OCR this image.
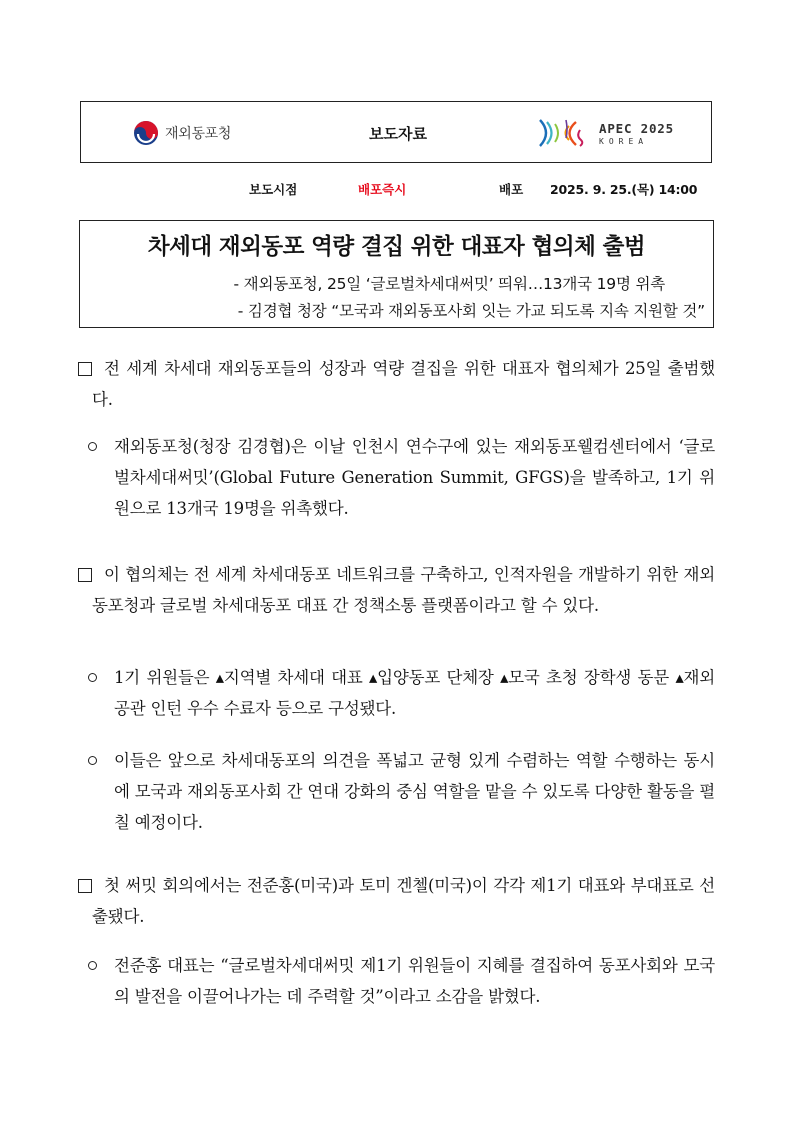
재외동포청	보도자료	APEC 2025
KOREA
보도시점	배포즉시	배포 2025. 9. 25.(목) 14:00
차세대 재외동포 역량 결집 위한 대표자 협의체 출범
- 재외동포청, 25일 ‘글로벌차세대써밋’ 띄워…13개국 19명 위촉
- 김경협 청장 “모국과 재외동포사회 잇는 가교 되도록 지속 지원할 것”
전 세계 차세대 재외동포들의 성장과 역량 결집을 위한 대표자 협의체가 25일 출범했다.
재외동포청(청장 김경협)은 이날 인천시 연수구에 있는 재외동포웰컴센터에서 ‘글로벌차세대써밋’(Global Future Generation Summit, GFGS)을 발족하고, 1기 위원으로 13개국 19명을 위촉했다.
이 협의체는 전 세계 차세대동포 네트워크를 구축하고, 인적자원을 개발하기 위한 재외동포청과 글로벌 차세대동포 대표 간 정책소통 플랫폼이라고 할 수 있다.
1기 위원들은 ▴지역별 차세대 대표 ▴입양동포 단체장 ▴모국 초청 장학생 동문 ▴재외공관 인턴 우수 수료자 등으로 구성됐다.
이들은 앞으로 차세대동포의 의견을 폭넓고 균형 있게 수렴하는 역할 수행하는 동시에 모국과 재외동포사회 간 연대 강화의 중심 역할을 맡을 수 있도록 다양한 활동을 펼칠 예정이다.
첫 써밋 회의에서는 전준홍(미국)과 토미 겐첼(미국)이 각각 제1기 대표와 부대표로 선출됐다.
전준홍 대표는 “글로벌차세대써밋 제1기 위원들이 지혜를 결집하여 동포사회와 모국의 발전을 이끌어나가는 데 주력할 것”이라고 소감을 밝혔다.
